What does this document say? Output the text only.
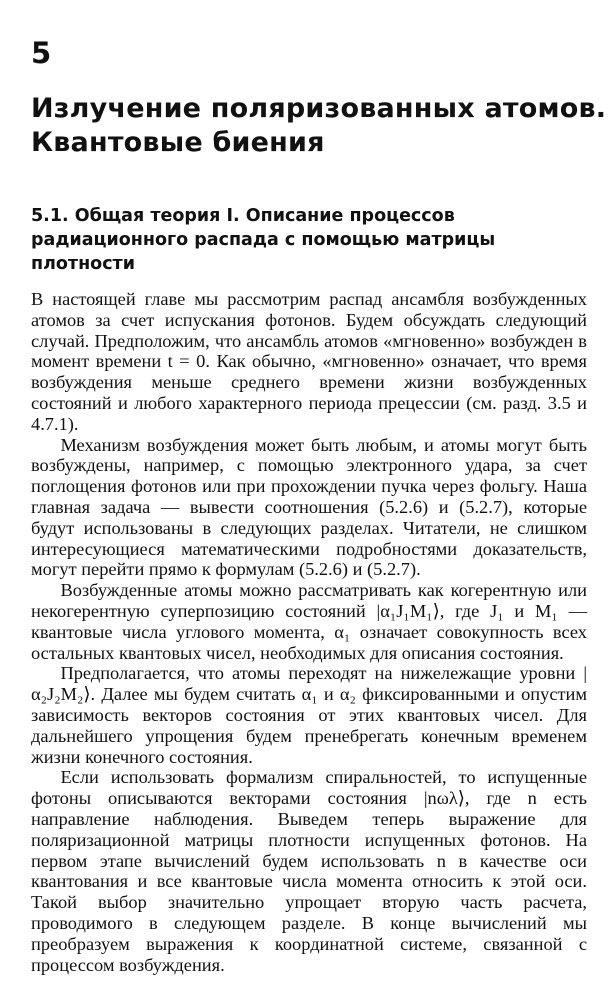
5
Излучение поляризованных атомов.
Квантовые биения
5.1. Общая теория I. Описание процессов
радиационного распада с помощью матрицы
плотности

В настоящей главе мы рассмотрим распад ансамбля возбужденных атомов за счет испускания фотонов. Будем обсуждать следующий случай. Предположим, что ансамбль атомов «мгновенно» возбужден в момент времени t = 0. Как обычно, «мгновенно» означает, что время возбуждения меньше среднего времени жизни возбужденных состояний и любого характерного периода прецессии (см. разд. 3.5 и 4.7.1).

Механизм возбуждения может быть любым, и атомы могут быть возбуждены, например, с помощью электронного удара, за счет поглощения фотонов или при прохождении пучка через фольгу. Наша главная задача — вывести соотношения (5.2.6) и (5.2.7), которые будут использованы в следующих разделах. Читатели, не слишком интересующиеся математическими подробностями доказательств, могут перейти прямо к формулам (5.2.6) и (5.2.7).

Возбужденные атомы можно рассматривать как когерентную или некогерентную суперпозицию состояний |α₁J₁M₁⟩, где J₁ и M₁ — квантовые числа углового момента, α₁ означает совокупность всех остальных квантовых чисел, необходимых для описания состояния.

Предполагается, что атомы переходят на нижележащие уровни |α₂J₂M₂⟩. Далее мы будем считать α₁ и α₂ фиксированными и опустим зависимость векторов состояния от этих квантовых чисел. Для дальнейшего упрощения будем пренебрегать конечным временем жизни конечного состояния.

Если использовать формализм спиральностей, то испущенные фотоны описываются векторами состояния |nωλ⟩, где n есть направление наблюдения. Выведем теперь выражение для поляризационной матрицы плотности испущенных фотонов. На первом этапе вычислений будем использовать n в качестве оси квантования и все квантовые числа момента относить к этой оси. Такой выбор значительно упрощает вторую часть расчета, проводимого в следующем разделе. В конце вычислений мы преобразуем выражения к координатной системе, связанной с процессом возбуждения.
